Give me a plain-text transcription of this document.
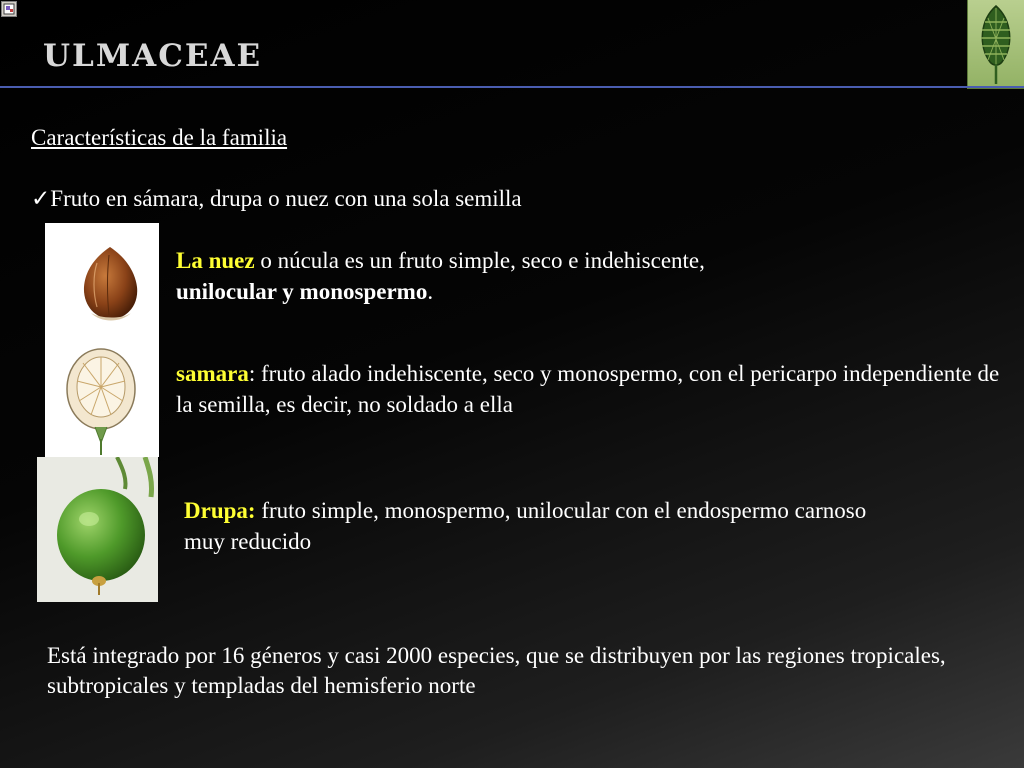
ULMACEAE
Características de la familia
✓Fruto en sámara, drupa o nuez con una sola semilla
La nuez o núcula es un fruto simple, seco e indehiscente, unilocular y monospermo.
samara: fruto alado indehiscente, seco y monospermo, con el pericarpo independiente de la semilla, es decir, no soldado a ella
Drupa: fruto simple, monospermo, unilocular con el endospermo carnoso muy reducido
Está integrado por 16 géneros y casi 2000 especies, que se distribuyen por las regiones tropicales, subtropicales y templadas del hemisferio norte
